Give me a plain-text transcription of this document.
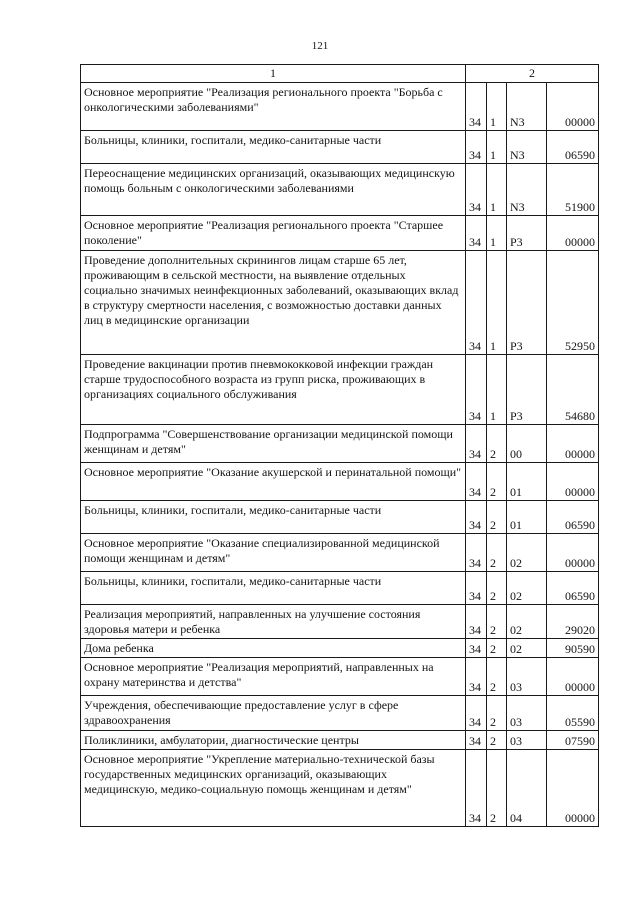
121
1	2			
Основное мероприятие "Реализация регионального проекта "Борьба с онкологическими заболеваниями"	34	1	N3	00000
Больницы, клиники, госпитали, медико-санитарные части	34	1	N3	06590
Переоснащение медицинских организаций, оказывающих медицинскую помощь больным с онкологическими заболеваниями	34	1	N3	51900
Основное мероприятие "Реализация регионального проекта "Старшее поколение"	34	1	P3	00000
Проведение дополнительных скринингов лицам старше 65 лет, проживающим в сельской местности, на выявление отдельных социально значимых неинфекционных заболеваний, оказывающих вклад в структуру смертности населения, с возможностью доставки данных лиц в медицинские организации	34	1	P3	52950
Проведение вакцинации против пневмококковой инфекции граждан старше трудоспособного возраста из групп риска, проживающих в организациях социального обслуживания	34	1	P3	54680
Подпрограмма "Совершенствование организации медицинской помощи женщинам и детям"	34	2	00	00000
Основное мероприятие "Оказание акушерской и перинатальной помощи"	34	2	01	00000
Больницы, клиники, госпитали, медико-санитарные части	34	2	01	06590
Основное мероприятие "Оказание специализированной медицинской помощи женщинам и детям"	34	2	02	00000
Больницы, клиники, госпитали, медико-санитарные части	34	2	02	06590
Реализация мероприятий, направленных на улучшение состояния здоровья матери и ребенка	34	2	02	29020
Дома ребенка	34	2	02	90590
Основное мероприятие "Реализация мероприятий, направленных на охрану материнства и детства"	34	2	03	00000
Учреждения, обеспечивающие предоставление услуг в сфере здравоохранения	34	2	03	05590
Поликлиники, амбулатории, диагностические центры	34	2	03	07590
Основное мероприятие "Укрепление материально-технической базы государственных медицинских организаций, оказывающих медицинскую, медико-социальную помощь женщинам и детям"	34	2	04	00000
